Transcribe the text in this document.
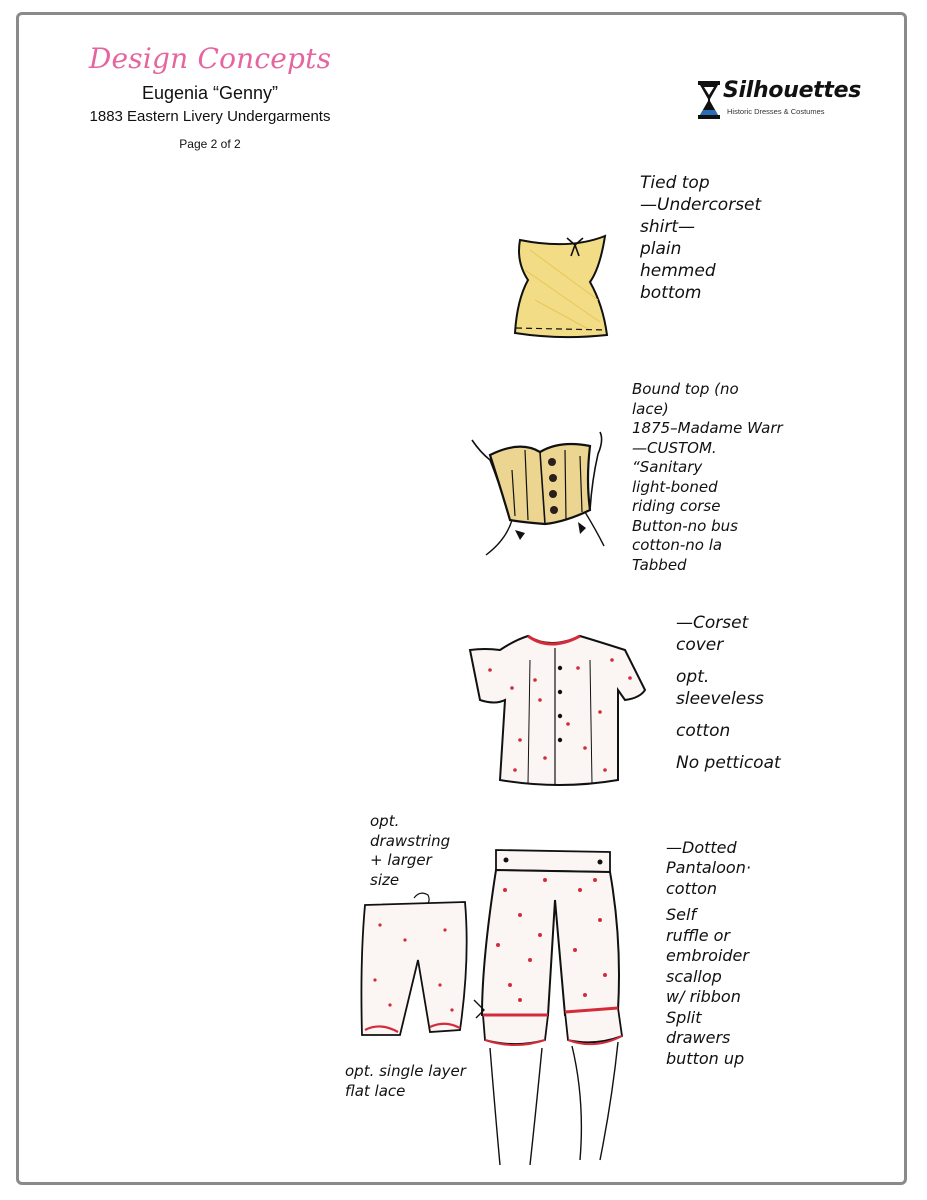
Design Concepts
Eugenia “Genny”
1883 Eastern Livery Undergarments
Page 2 of 2
Silhouettes
Historic Dresses & Costumes
Tied top
—Undercorset
shirt—
plain
hemmed
bottom
Bound top (no
lace)
1875–Madame Warr
—CUSTOM.
“Sanitary
light-boned
riding corse
Button-no bus
cotton-no la
Tabbed
—Corset
cover
opt.
sleeveless
cotton
No petticoat
opt.
drawstring
+ larger
size
opt. single layer
flat lace
—Dotted
Pantaloon·
cotton
Self
ruffle or
embroider
scallop
w/ ribbon
Split
drawers
button up
